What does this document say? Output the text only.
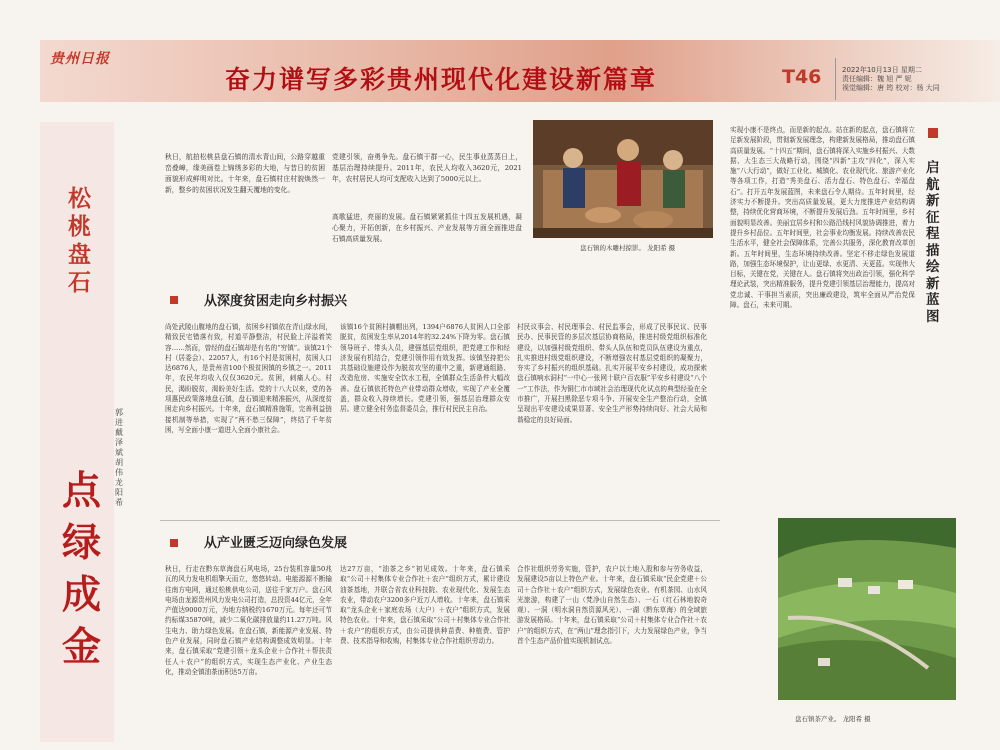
贵州日报
奋力谱写多彩贵州现代化建设新篇章	T46	2022年10月13日 星期二
责任编辑：魏 旭 严 妮
视觉编辑：唐 筠 校对：杨 大同
松桃盘石
点绿成金
郭进 戴泽斌 胡伟 龙阳希
秋日，航拍松桃县盘石镇的清水青山间，公路穿越重峦叠嶂，缘美画卷上锦绣多彩的大地，与昔日的贫困面貌形成鲜明对比。十年来，盘石镇村庄村貌焕然一新，整乡的贫困状况发生翻天覆地的变化。
党建引领，奋勇争先。盘石镇干群一心，民生事业蒸蒸日上，基层治理持续提升。2011年，农民人均收入3620元，2021年，农村居民人均可支配收入达到了5000元以上。
高歌猛进，亮丽的发展。盘石镇紧紧抓住十四五发展机遇，凝心聚力，开拓创新，在乡村振兴、产业发展等方面全面推进盘石镇高质量发展。
盘石镇的木雕村掠影。 龙阳希 摄
从深度贫困走向乡村振兴
尚处武陵山腹地的盘石镇，贫困乡村镇依在青山绿水间，精致民宅错落有致，村道平静整洁，村民脸上洋溢着笑容……然而，曾经的盘石镇却是有名的“穷镇”。该镇21个村（居委会）、22057人，有16个村是贫困村，贫困人口达6876人，是贵州省100个极贫困镇的乡镇之一。2011年，农民年均收入仅仅3620元。贫困，刺痛人心。村民，渴盼脱贫，渴盼美好生活。党的十八大以来，党的各项惠民政策落地盘石镇，盘石镇迎来精准振兴，从深度贫困走向乡村振兴。十年来，盘石镇精准施策，完善利益链接机制等举措，实现了“两不愁三保障”，终结了千年贫困，写全面小康一道进入全面小康社会。
该镇16个贫困村摘帽出列，1394户6876人贫困人口全部脱贫，贫困发生率从2014年的32.24%下降为零。盘石镇领导班子、带头人员，建强基层党组织，把党建工作和经济发展有机结合，党建引领作用有效发挥。该镇坚持把公共基础设施建设作为脱贫攻坚的重中之重，新建通组路、改造危房、实施安全饮水工程，全镇群众生活条件大幅改善。盘石镇依托特色产业带动群众增收，实现了产业全覆盖，群众收入持续增长。党建引领，强基层治理群众安居。建立健全村务监督委员会，推行村民民主自治。
村民议事会、村民理事会、村民监事会，形成了民事民议、民事民办、民事民管的多层次基层协商格局，推进村级党组织标准化建设，以加强村级党组织、带头人队伍和党员队伍建设为重点，扎实推进村级党组织建设，不断增强农村基层党组织的凝聚力，夯实了乡村振兴的组织基础。扎实开展平安乡村建设，成功探索盘石镇响水洞村“一中心一张网十联户百农服”平安乡村建设“八个一”工作法，作为铜仁市市域社会治理现代化试点的典型经验在全市推广，开展扫黑除恶专项斗争、开展安全生产整治行动，全镇呈现出平安建设成果显著、安全生产形势持续向好、社会大局和谐稳定的良好局面。
启航新征程描绘新蓝图
实现小康不是终点，而是新的起点。站在新的起点，盘石镇将立足新发展阶段，贯彻新发展理念，构建新发展格局，推动盘石镇高质量发展。“十四五”期间，盘石镇将深入实施乡村振兴、大数据、大生态三大战略行动，围绕“四新”主攻“四化”，深入实施“八大行动”，做好工业化、城镇化、农业现代化、旅游产业化等各项工作，打造“秀美盘石、活力盘石、特色盘石、幸福盘石”。打开五年发展蓝图，未来盘石令人期待。五年时间里，经济实力不断提升。突出高质量发展，更大力度推进产业结构调整，持续优化营商环境，不断提升发展后劲。五年时间里，乡村面貌明显改善。美丽宜居乡村和公路沿线村风貌协调推进，着力提升乡村品位。五年时间里，社会事业均衡发展。持续改善农民生活水平，健全社会保障体系，完善公共服务，深化教育改革创新。五年时间里，生态环境持续改善。坚定不移走绿色发展道路，加强生态环境保护，让山更绿、水更清、天更蓝。实现伟大目标，关键在党，关键在人。盘石镇将突出政治引领，强化科学理论武装，突出精准服务，提升党建引领基层治理能力，提高对党忠诚、干事担当素质，突出廉政建设，筑牢全面从严治党保障。盘石，未来可期。
从产业匮乏迈向绿色发展
秋日，行走在黔东草海盘石风电场，25台装机容量50兆瓦的风力发电机组擎天而立，悠悠转动。电能源源不断输往南方电网，通过松桃供电公司，送往千家万户。盘石风电场由龙源贵州风力发电公司打造，总投资44亿元，全年产值达9000万元，为地方纳税约1670万元。每年还可节约标煤35870吨，减少二氧化碳排放量约11.27万吨。风生电力、助力绿色发展。在盘石镇，新能源产业发展、特色产业发展，同时盘石镇产业结构调整成效明显。十年来，盘石镇采取“党建引领＋龙头企业＋合作社＋帮扶责任人＋农户”的组织方式，实现生态产业化、产业生态化，推动全镇油茶面积达5万亩。
达27万亩，“油茶之乡”初见成效。十年来，盘石镇采取“公司＋村集体专业合作社＋农户”组织方式，累计建设油茶基地，并联合省农业科技院、农业现代化、发展生态农业，带动农户3200多户近万人增收。十年来，盘石镇采取“龙头企业＋家庭农场（大户）＋农户”组织方式，发展特色农业。十年来，盘石镇采取“公司＋村集体专业合作社＋农户”的组织方式，由公司提供种苗费、种植费、管护费、技术指导和收购，村集体专业合作社组织劳动力。
合作社组织劳务实施，管护，农户以土地入股和参与劳务收益，发展建设5亩以上特色产业。十年来，盘石镇采取“民企党建＋公司＋合作社＋农户”组织方式，发展绿色农业、有机茶园、山水风光旅游，构建了一山（梵净山自然生态）、一石（红石林地貌奇观）、一洞（明水洞自然资源风光）、一湖（黔东草海）的全域旅游发展格局。十年来，盘石镇采取“公司＋村集体专业合作社＋农户”的组织方式，在“两山”理念指引下，大力发展绿色产业，争当首个生态产品价值实现机制试点。
盘石镇茶产业。 龙阳希 摄
